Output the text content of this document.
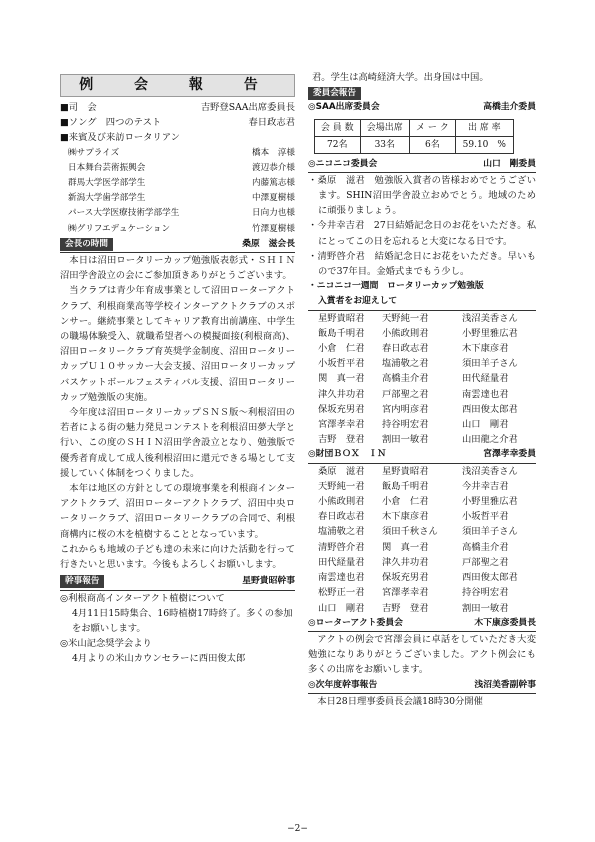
例 会 報 告
■司　会	吉野登SAA出席委員長
■ソング　四つのテスト	春日政志君
■来賓及び来訪ロータリアン
㈱サプライズ	橋本　淳様
日本舞台芸術振興会	渡辺恭介様
群馬大学医学部学生	内藤篤志様
新潟大学歯学部学生	中澤夏樹様
パース大学医療技術学部学生	日向力也様
㈱グリフエデュケーション	竹澤夏樹様
会長の時間	桑原　滋会長

本日は沼田ロータリーカップ勉強版表彰式・ＳＨＩＮ沼田学舎設立の会にご参加頂きありがとうございます。

当クラブは青少年育成事業として沼田ローターアクトクラブ、利根商業高等学校インターアクトクラブのスポンサー。継続事業としてキャリア教育出前講座、中学生の職場体験受入、就職希望者への模擬面接(利根商高)、沼田ロータリークラブ育英奨学金制度、沼田ロータリーカップＵ１０サッカー大会支援、沼田ロータリーカップバスケットボールフェスティバル支援、沼田ロータリーカップ勉強版の実施。

今年度は沼田ロータリーカップＳＮＳ版〜利根沼田の若者による街の魅力発見コンテストを利根沼田夢大学と行い、この度のＳＨＩＮ沼田学舎設立となり、勉強版で優秀者育成して成人後利根沼田に還元できる場として支援していく体制をつくりました。

本年は地区の方針としての環境事業を利根商インターアクトクラブ、沼田ローターアクトクラブ、沼田中央ロータリークラブ、沼田ロータリークラブの合同で、利根商構内に桜の木を植樹することとなっています。

これからも地域の子ども達の未来に向けた活動を行って行きたいと思います。今後もよろしくお願いします。

幹事報告	星野貴昭幹事
◎利根商高インターアクト植樹について
4月11日15時集合、16時植樹17時終了。多くの参加をお願いします。
◎米山記念奨学会より
4月よりの米山カウンセラーに西田俊太郎
君。学生は高崎経済大学。出身国は中国。
委員会報告
◎SAA出席委員会	高橋圭介委員
会 員 数	会場出席	メ ー ク	出 席 率
72名	33名	6名	59.10　%
◎ニコニコ委員会	山口　剛委員
・桑原　滋君　勉強版入賞者の皆様おめでとうございます。SHIN沼田学舎設立おめでとう。地域のために頑張りましょう。
・今井幸吉君　27日結婚記念日のお花をいただき。私にとってこの日を忘れると大変になる日です。
・清野啓介君　結婚記念日にお花をいただき。早いもので37年目。金婚式までもう少し。
・ニコニコ一週間　ロータリーカップ勉強版
入賞者をお迎えして
星野貴昭君	天野純一君	浅沼美香さん
飯島千明君	小熊政則君	小野里雅広君
小倉　仁君	春日政志君	木下康彦君
小坂哲平君	塩浦敬之君	須田羊子さん
関　真一君	高橋圭介君	田代経量君
津久井功君	戸部聖之君	南雲達也君
保坂充男君	宮内明彦君	西田俊太郎君
宮澤孝幸君	持谷明宏君	山口　剛君
吉野　登君	割田一敏君	山田龍之介君
◎財団ＢＯＸ　ＩＮ	宮澤孝幸委員
桑原　滋君	星野貴昭君	浅沼美香さん
天野純一君	飯島千明君	今井幸吉君
小熊政則君	小倉　仁君	小野里雅広君
春日政志君	木下康彦君	小坂哲平君
塩浦敬之君	須田千秋さん	須田羊子さん
清野啓介君	関　真一君	高橋圭介君
田代経量君	津久井功君	戸部聖之君
南雲達也君	保坂充男君	西田俊太郎君
松野正一君	宮澤孝幸君	持谷明宏君
山口　剛君	吉野　登君	割田一敏君
◎ローターアクト委員会	木下康彦委員長

アクトの例会で宮澤会員に卓話をしていただき大変勉強になりありがとうございました。アクト例会にも多くの出席をお願いします。

◎次年度幹事報告	浅沼美香副幹事

本日28日理事委員長会議18時30分開催

−2−
